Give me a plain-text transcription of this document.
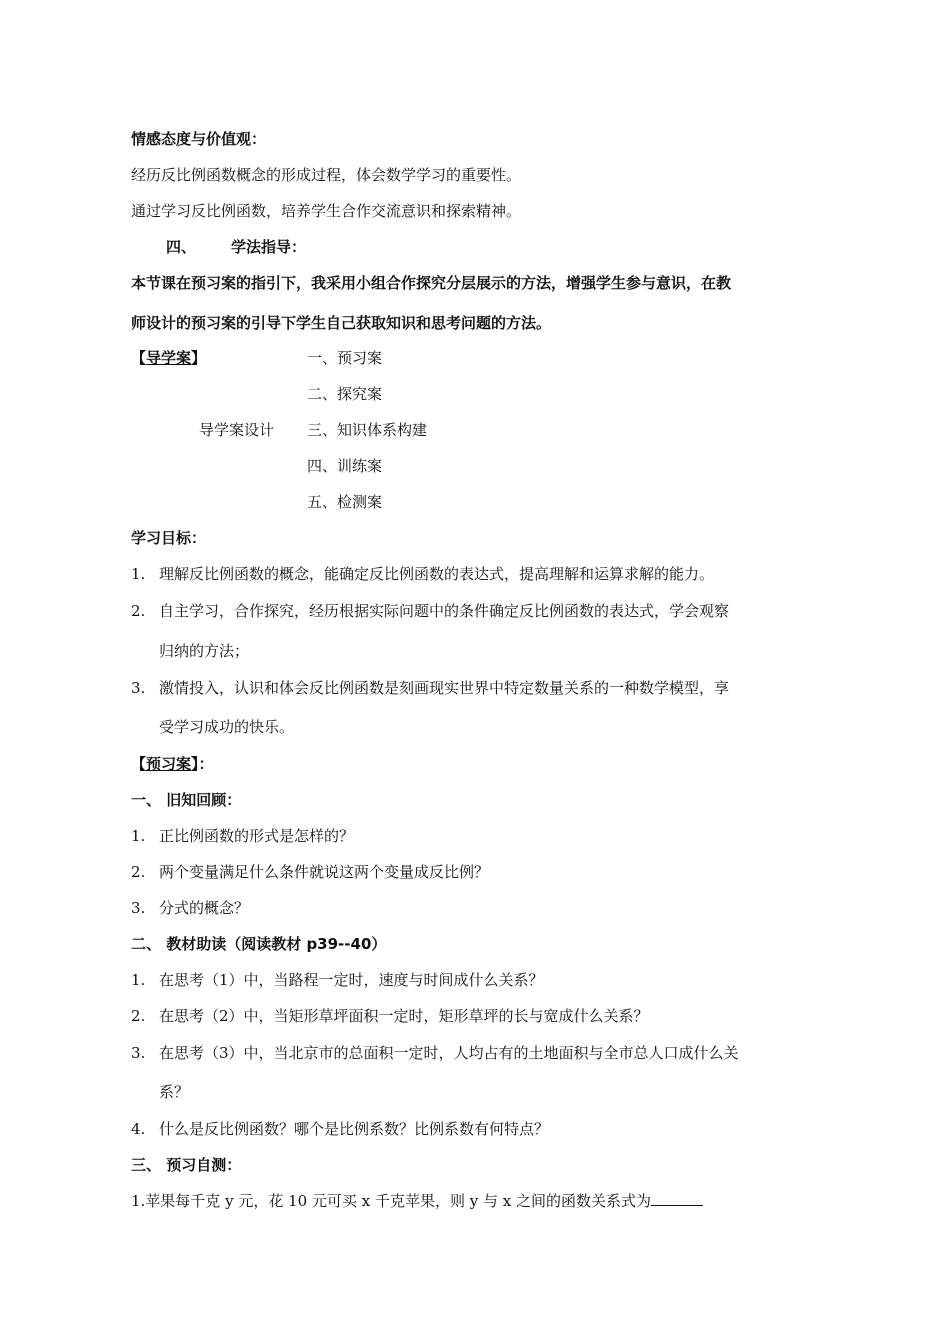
情感态度与价值观：
经历反比例函数概念的形成过程，体会数学学习的重要性。
通过学习反比例函数，培养学生合作交流意识和探索精神。
四、 学法指导：
本节课在预习案的指引下，我采用小组合作探究分层展示的方法，增强学生参与意识，在教
师设计的预习案的引导下学生自己获取知识和思考问题的方法。
【导学案】	一、预习案
二、探究案
导学案设计 三、知识体系构建
四、训练案
五、检测案
学习目标：
1. 理解反比例函数的概念，能确定反比例函数的表达式，提高理解和运算求解的能力。
2. 自主学习，合作探究，经历根据实际问题中的条件确定反比例函数的表达式，学会观察
归纳的方法；
3. 激情投入，认识和体会反比例函数是刻画现实世界中特定数量关系的一种数学模型，享
受学习成功的快乐。
【预习案】：
一、 旧知回顾：
1. 正比例函数的形式是怎样的？
2. 两个变量满足什么条件就说这两个变量成反比例？
3. 分式的概念？
二、 教材助读（阅读教材 p39--40）
1. 在思考（1）中，当路程一定时，速度与时间成什么关系？
2. 在思考（2）中，当矩形草坪面积一定时，矩形草坪的长与宽成什么关系？
3. 在思考（3）中，当北京市的总面积一定时，人均占有的土地面积与全市总人口成什么关
系？
4. 什么是反比例函数？哪个是比例系数？比例系数有何特点？
三、 预习自测：
1.苹果每千克 y 元，花 10 元可买 x 千克苹果，则 y 与 x 之间的函数关系式为
